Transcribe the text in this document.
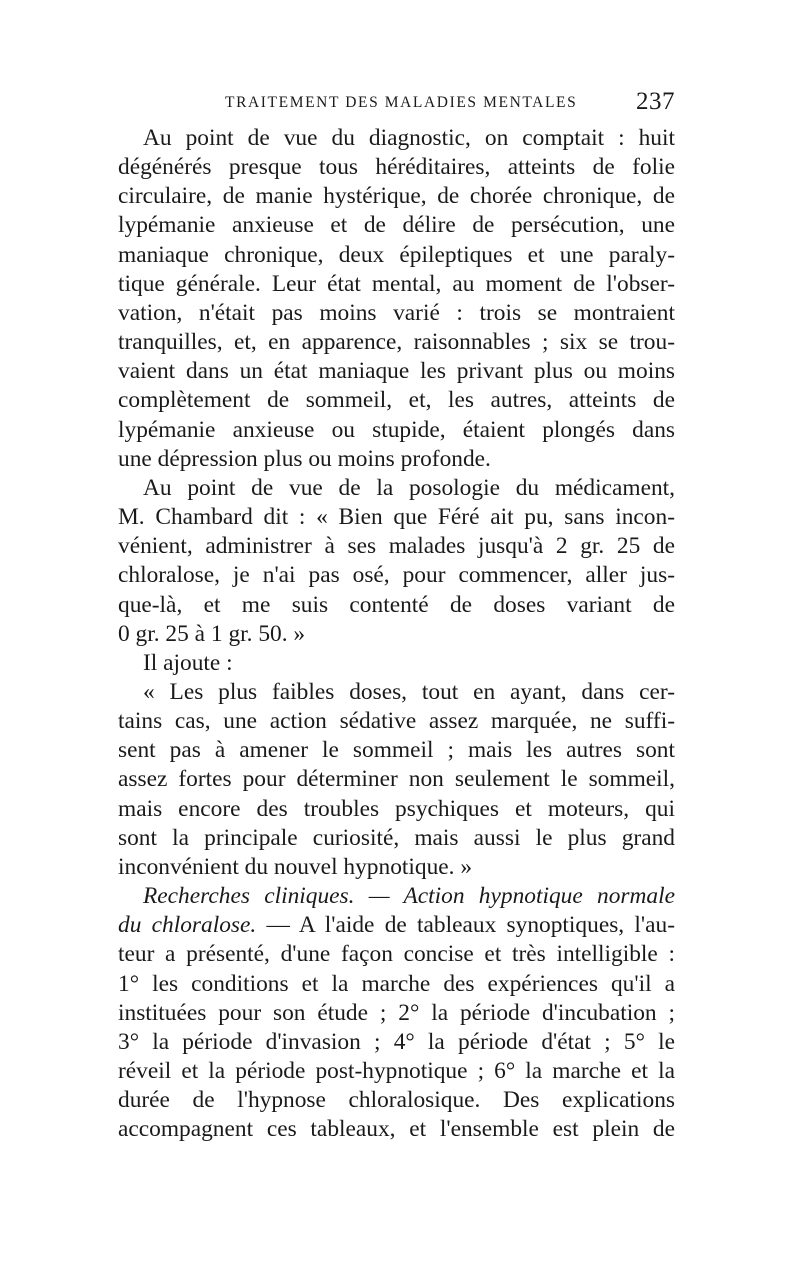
TRAITEMENT DES MALADIES MENTALES 237
Au point de vue du diagnostic, on comptait : huit
dégénérés presque tous héréditaires, atteints de folie
circulaire, de manie hystérique, de chorée chronique, de
lypémanie anxieuse et de délire de persécution, une
maniaque chronique, deux épileptiques et une paraly-
tique générale. Leur état mental, au moment de l'obser-
vation, n'était pas moins varié : trois se montraient
tranquilles, et, en apparence, raisonnables ; six se trou-
vaient dans un état maniaque les privant plus ou moins
complètement de sommeil, et, les autres, atteints de
lypémanie anxieuse ou stupide, étaient plongés dans
une dépression plus ou moins profonde.
Au point de vue de la posologie du médicament,
M. Chambard dit : « Bien que Féré ait pu, sans incon-
vénient, administrer à ses malades jusqu'à 2 gr. 25 de
chloralose, je n'ai pas osé, pour commencer, aller jus-
que-là, et me suis contenté de doses variant de
0 gr. 25 à 1 gr. 50. »
Il ajoute :
« Les plus faibles doses, tout en ayant, dans cer-
tains cas, une action sédative assez marquée, ne suffi-
sent pas à amener le sommeil ; mais les autres sont
assez fortes pour déterminer non seulement le sommeil,
mais encore des troubles psychiques et moteurs, qui
sont la principale curiosité, mais aussi le plus grand
inconvénient du nouvel hypnotique. »
Recherches cliniques. — Action hypnotique normale
du chloralose. — A l'aide de tableaux synoptiques, l'au-
teur a présenté, d'une façon concise et très intelligible :
1° les conditions et la marche des expériences qu'il a
instituées pour son étude ; 2° la période d'incubation ;
3° la période d'invasion ; 4° la période d'état ; 5° le
réveil et la période post-hypnotique ; 6° la marche et la
durée de l'hypnose chloralosique. Des explications
accompagnent ces tableaux, et l'ensemble est plein de
